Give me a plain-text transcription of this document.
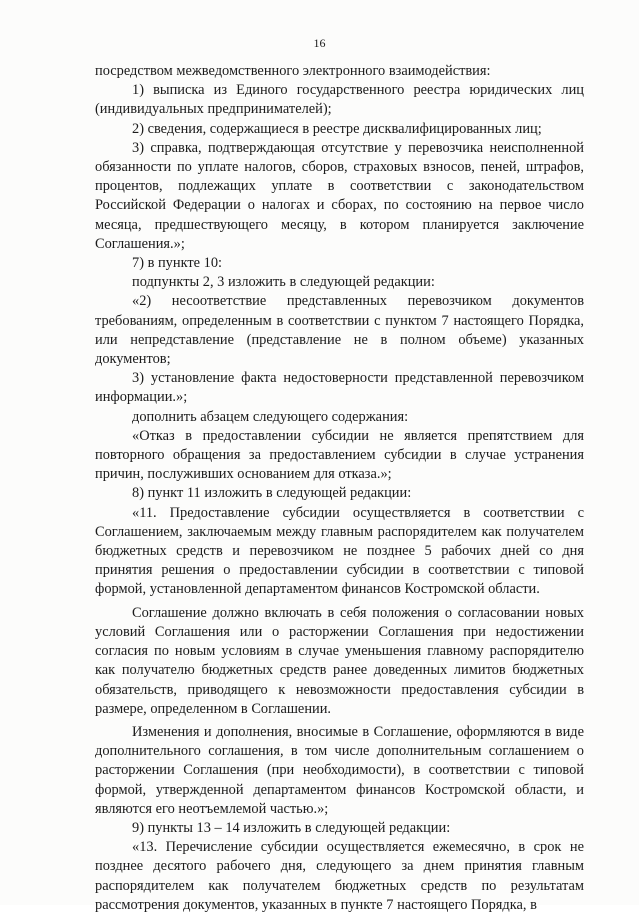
16

посредством межведомственного электронного взаимодействия:

1) выписка из Единого государственного реестра юридических лиц (индивидуальных предпринимателей);

2) сведения, содержащиеся в реестре дисквалифицированных лиц;

3) справка, подтверждающая отсутствие у перевозчика неисполненной обязанности по уплате налогов, сборов, страховых взносов, пеней, штрафов, процентов, подлежащих уплате в соответствии с законодательством Российской Федерации о налогах и сборах, по состоянию на первое число месяца, предшествующего месяцу, в котором планируется заключение Соглашения.»;

7) в пункте 10:

подпункты 2, 3 изложить в следующей редакции:

«2) несоответствие представленных перевозчиком документов требованиям, определенным в соответствии с пунктом 7 настоящего Порядка, или непредставление (представление не в полном объеме) указанных документов;

3) установление факта недостоверности представленной перевозчиком информации.»;

дополнить абзацем следующего содержания:

«Отказ в предоставлении субсидии не является препятствием для повторного обращения за предоставлением субсидии в случае устранения причин, послуживших основанием для отказа.»;

8) пункт 11 изложить в следующей редакции:

«11. Предоставление субсидии осуществляется в соответствии с Соглашением, заключаемым между главным распорядителем как получателем бюджетных средств и перевозчиком не позднее 5 рабочих дней со дня принятия решения о предоставлении субсидии в соответствии с типовой формой, установленной департаментом финансов Костромской области.

Соглашение должно включать в себя положения о согласовании новых условий Соглашения или о расторжении Соглашения при недостижении согласия по новым условиям в случае уменьшения главному распорядителю как получателю бюджетных средств ранее доведенных лимитов бюджетных обязательств, приводящего к невозможности предоставления субсидии в размере, определенном в Соглашении.

Изменения и дополнения, вносимые в Соглашение, оформляются в виде дополнительного соглашения, в том числе дополнительным соглашением о расторжении Соглашения (при необходимости), в соответствии с типовой формой, утвержденной департаментом финансов Костромской области, и являются его неотъемлемой частью.»;

9) пункты 13 – 14 изложить в следующей редакции:

«13. Перечисление субсидии осуществляется ежемесячно, в срок не позднее десятого рабочего дня, следующего за днем принятия главным распорядителем как получателем бюджетных средств по результатам рассмотрения документов, указанных в пункте 7 настоящего Порядка, в
